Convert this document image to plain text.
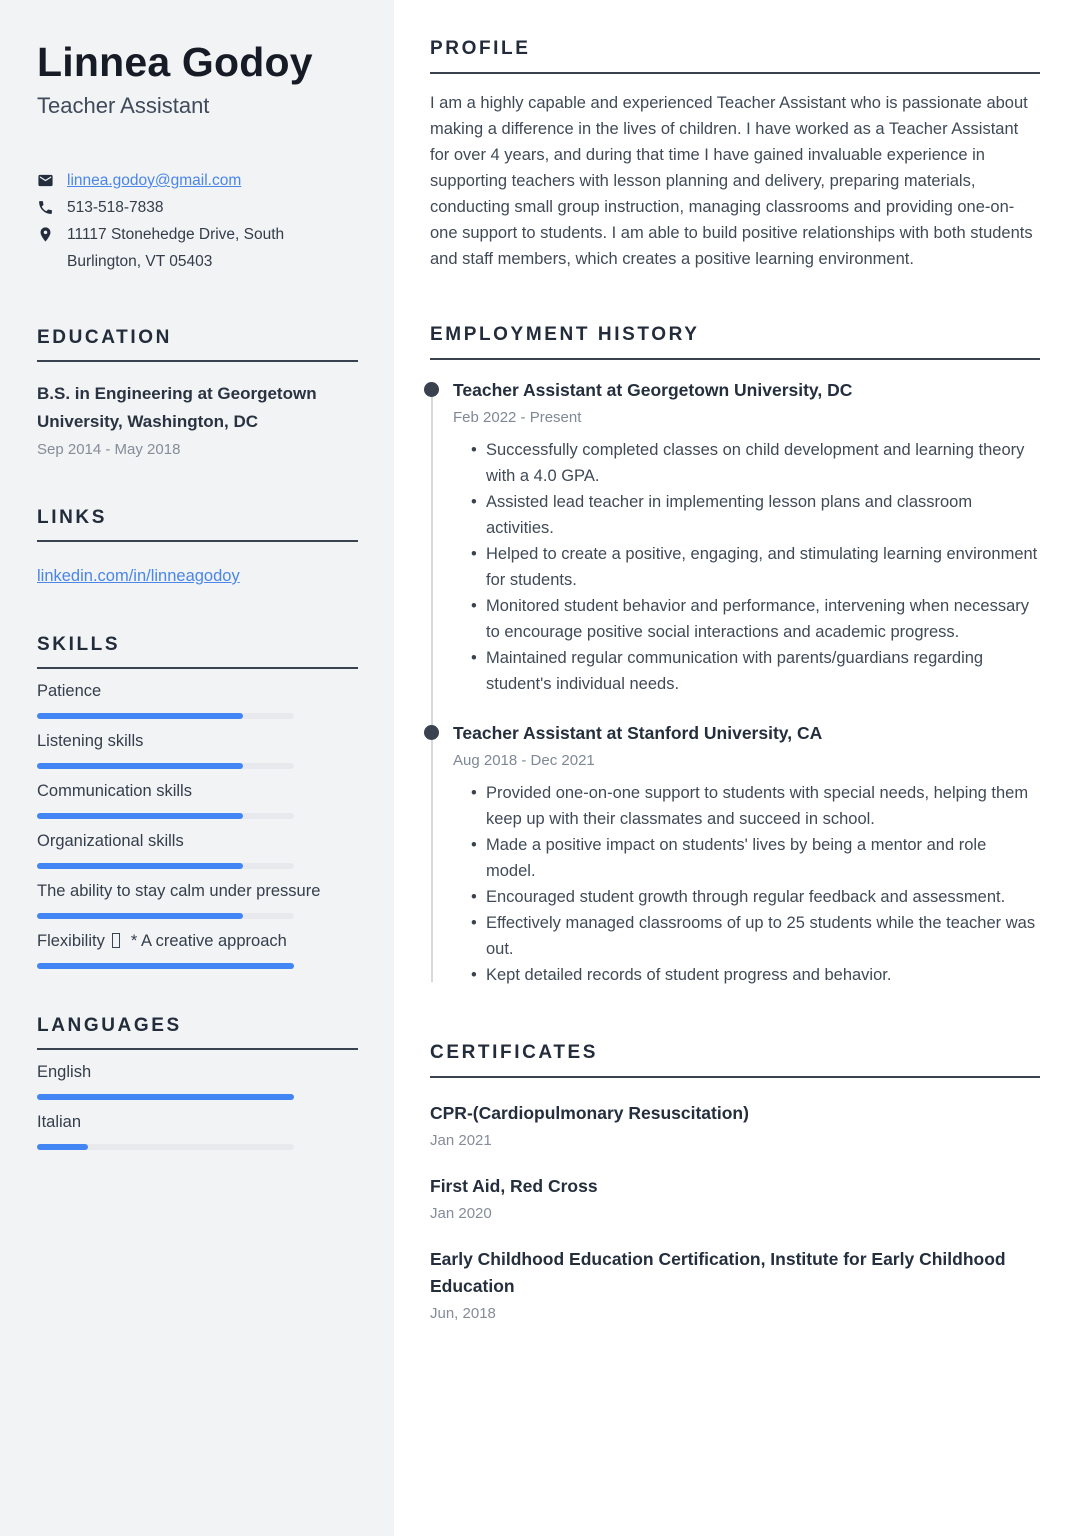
Linnea Godoy
Teacher Assistant
linnea.godoy@gmail.com
513-518-7838
11117 Stonehedge Drive, South
Burlington, VT 05403
EDUCATION
B.S. in Engineering at Georgetown University, Washington, DC
Sep 2014 - May 2018
LINKS
linkedin.com/in/linneagodoy
SKILLS
Patience
Listening skills
Communication skills
Organizational skills
The ability to stay calm under pressure
Flexibility * A creative approach
LANGUAGES
English
Italian
PROFILE

I am a highly capable and experienced Teacher Assistant who is passionate about making a difference in the lives of children. I have worked as a Teacher Assistant for over 4 years, and during that time I have gained invaluable experience in supporting teachers with lesson planning and delivery, preparing materials, conducting small group instruction, managing classrooms and providing one-on-one support to students. I am able to build positive relationships with both students and staff members, which creates a positive learning environment.

EMPLOYMENT HISTORY
Teacher Assistant at Georgetown University, DC
Feb 2022 - Present
• Successfully completed classes on child development and learning theory with a 4.0 GPA.
• Assisted lead teacher in implementing lesson plans and classroom activities.
• Helped to create a positive, engaging, and stimulating learning environment for students.
• Monitored student behavior and performance, intervening when necessary to encourage positive social interactions and academic progress.
• Maintained regular communication with parents/guardians regarding student's individual needs.
Teacher Assistant at Stanford University, CA
Aug 2018 - Dec 2021
• Provided one-on-one support to students with special needs, helping them keep up with their classmates and succeed in school.
• Made a positive impact on students' lives by being a mentor and role model.
• Encouraged student growth through regular feedback and assessment.
• Effectively managed classrooms of up to 25 students while the teacher was out.
• Kept detailed records of student progress and behavior.
CERTIFICATES
CPR-(Cardiopulmonary Resuscitation)
Jan 2021
First Aid, Red Cross
Jan 2020
Early Childhood Education Certification, Institute for Early Childhood Education
Jun, 2018
